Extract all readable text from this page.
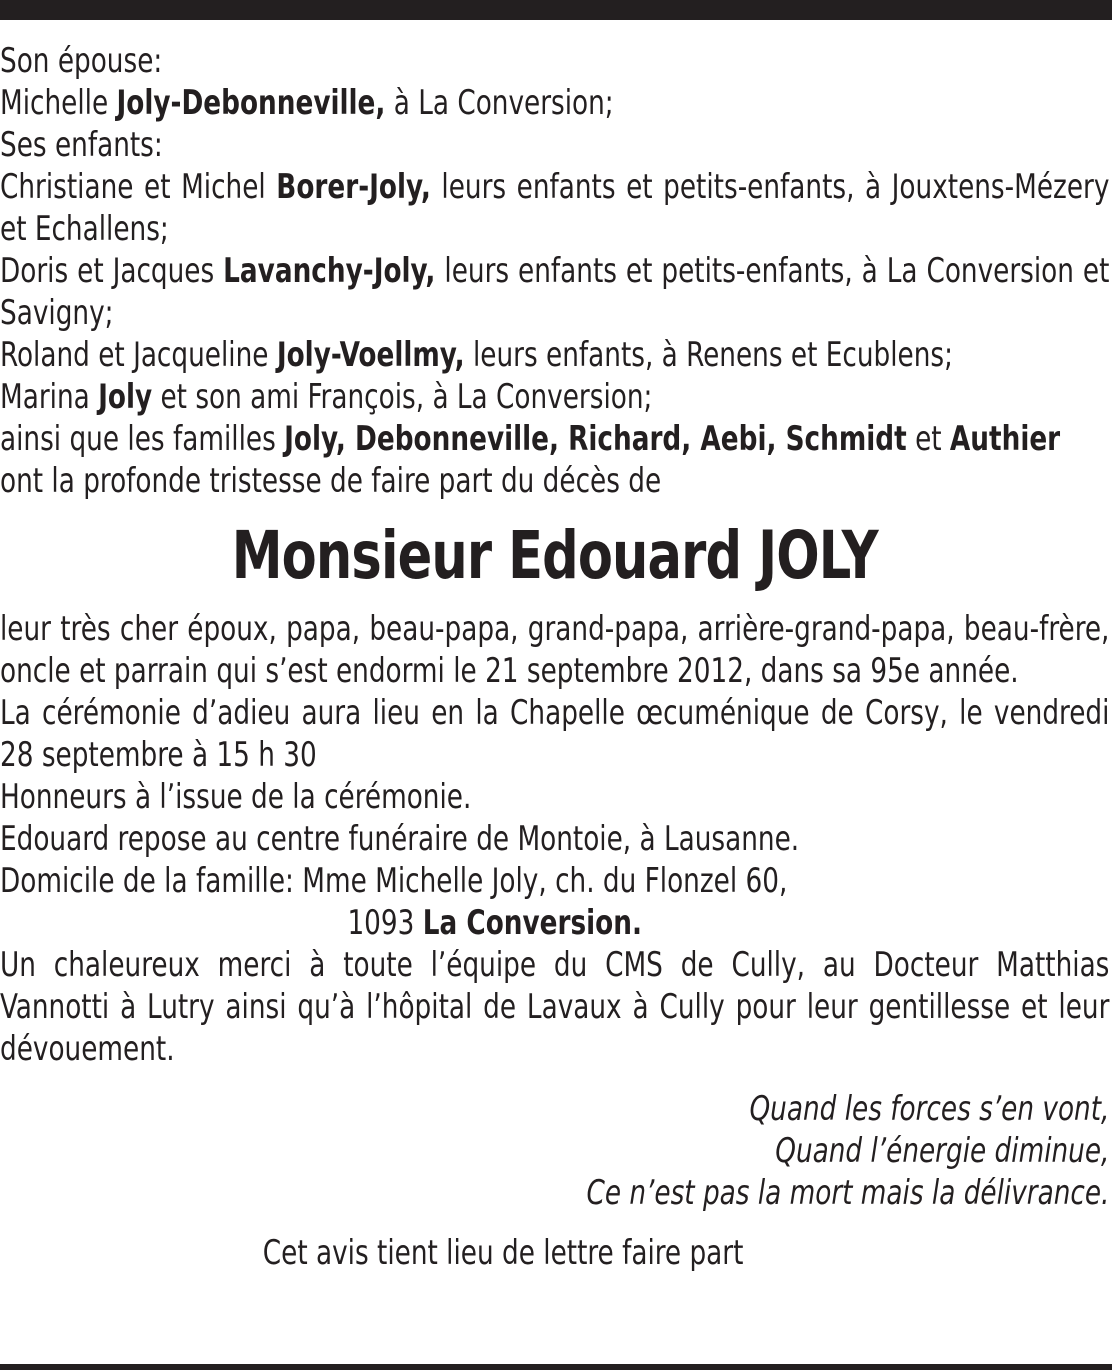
Son épouse:

Michelle Joly-Debonneville, à La Conversion;

Ses enfants:

Christiane et Michel Borer-Joly, leurs enfants et petits-enfants, à Jouxtens-Mézery et Echallens;

Doris et Jacques Lavanchy-Joly, leurs enfants et petits-enfants, à La Conversion et Savigny;

Roland et Jacqueline Joly-Voellmy, leurs enfants, à Renens et Ecublens;

Marina Joly et son ami François, à La Conversion;

ainsi que les familles Joly, Debonneville, Richard, Aebi, Schmidt et Authier

ont la profonde tristesse de faire part du décès de

Monsieur Edouard JOLY

leur très cher époux, papa, beau-papa, grand-papa, arrière-grand-papa, beau-frère, oncle et parrain qui s’est endormi le 21 septembre 2012, dans sa 95e année.

La cérémonie d’adieu aura lieu en la Chapelle œcuménique de Corsy, le vendredi 28 septembre à 15 h 30

Honneurs à l’issue de la cérémonie.

Edouard repose au centre funéraire de Montoie, à Lausanne.

Domicile de la famille: Mme Michelle Joly, ch. du Flonzel 60,

1093 La Conversion.

Un chaleureux merci à toute l’équipe du CMS de Cully, au Docteur Matthias Vannotti à Lutry ainsi qu’à l’hôpital de Lavaux à Cully pour leur gentillesse et leur dévouement.

Quand les forces s’en vont,

Quand l’énergie diminue,

Ce n’est pas la mort mais la délivrance.

Cet avis tient lieu de lettre faire part
